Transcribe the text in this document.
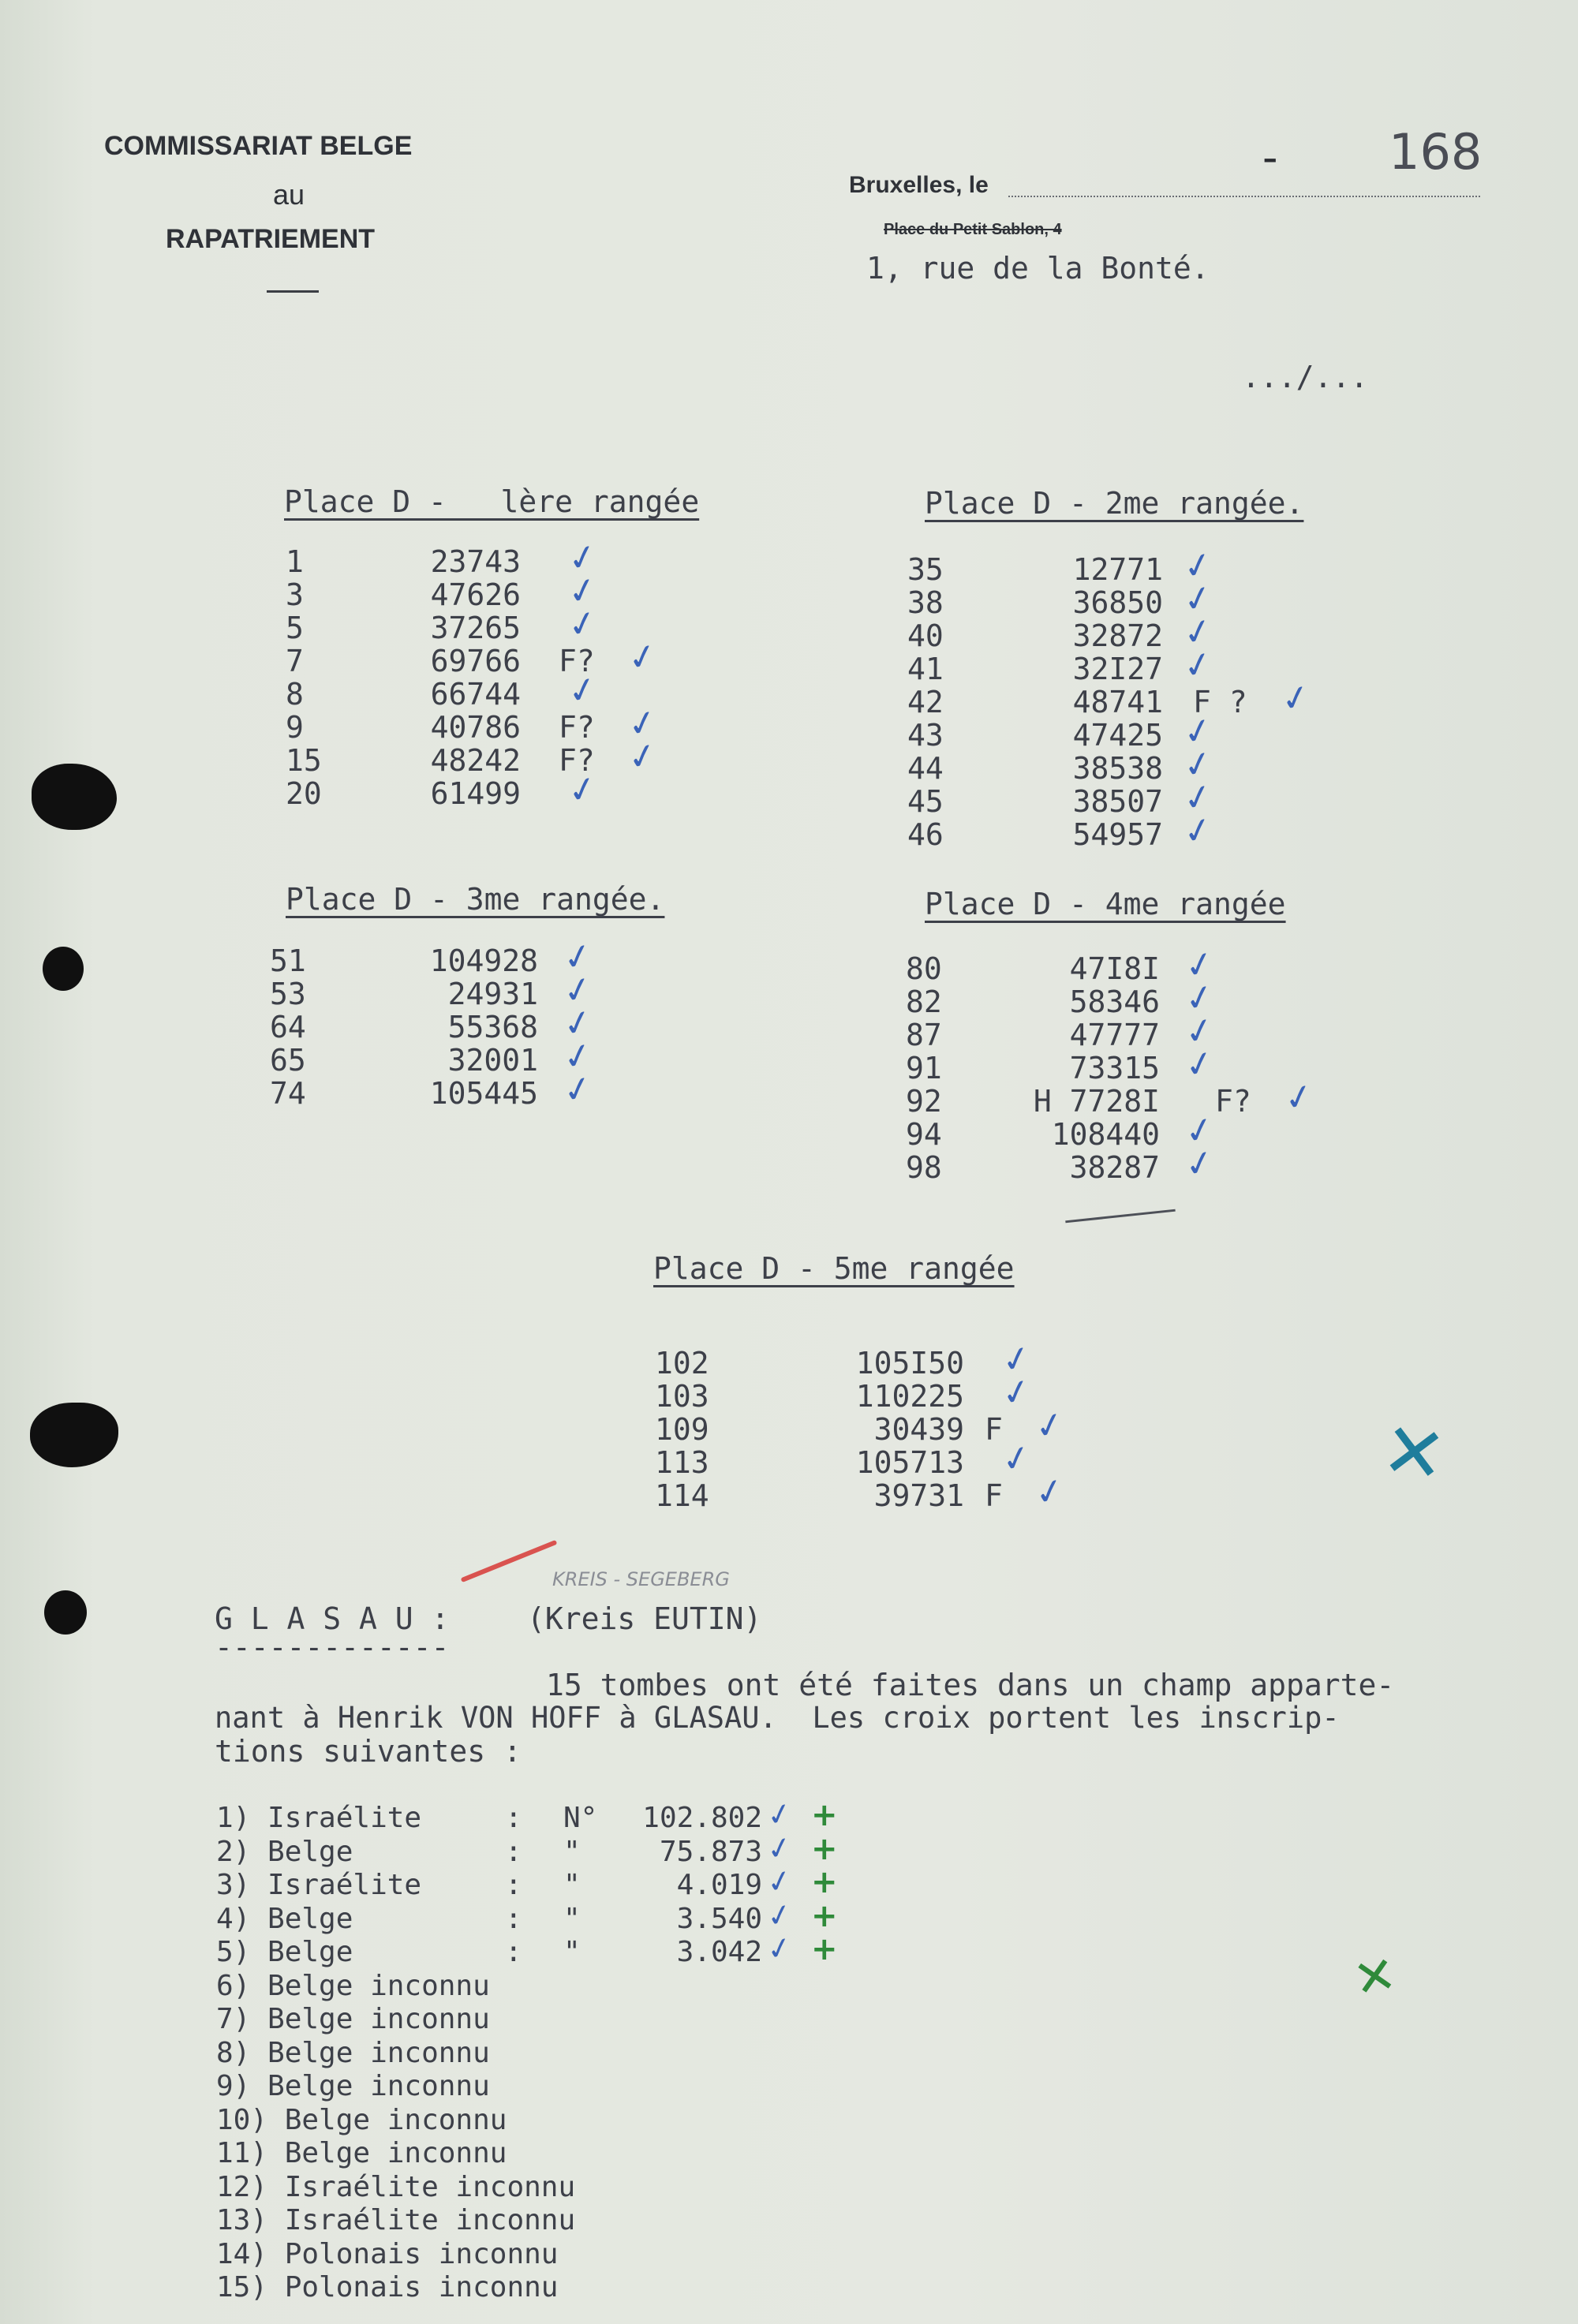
COMMISSARIAT BELGE
au
RAPATRIEMENT
Bruxelles, le
- 168
Place du Petit Sablon, 4
1, rue de la Bonté.
.../...
Place D -   lère rangée
1	23743 ✓
3	47626 ✓
5	37265 ✓
7	69766 F? ✓
8	66744 ✓
9	40786 F? ✓
15	48242 F? ✓
20	61499 ✓
Place D - 2me rangée.
35	12771 ✓
38	36850 ✓
40	32872 ✓
41	32I27 ✓
42	48741 F ? ✓
43	47425 ✓
44	38538 ✓
45	38507 ✓
46	54957 ✓
Place D - 3me rangée.
51	104928 ✓
53	24931 ✓
64	55368 ✓
65	32001 ✓
74	105445 ✓
Place D - 4me rangée
80	47I8I ✓
82	58346 ✓
87	47777 ✓
91	73315 ✓
92	H 7728I F? ✓
94	108440 ✓
98	38287 ✓
Place D - 5me rangée
102	105I50 ✓
103	110225 ✓
109	30439 F ✓
113	105713 ✓
114	39731 F ✓	✕
KREIS - SEGEBERG
G L A S A U :	(Kreis EUTIN)
-------------
15 tombes ont été faites dans un champ apparte-
nant à Henrik VON HOFF à GLASAU.  Les croix portent les inscrip-
tions suivantes :
1) Israélite	: N° 102.802 ✓ +
2) Belge	: "	75.873 ✓ +
3) Israélite	: "	4.019 ✓ +
4) Belge	: "	3.540 ✓ +
5) Belge	: "	3.042 ✓ +
6) Belge inconnu
7) Belge inconnu
8) Belge inconnu
9) Belge inconnu
10) Belge inconnu
11) Belge inconnu
12) Israélite inconnu
13) Israélite inconnu
14) Polonais inconnu
15) Polonais inconnu
✕
